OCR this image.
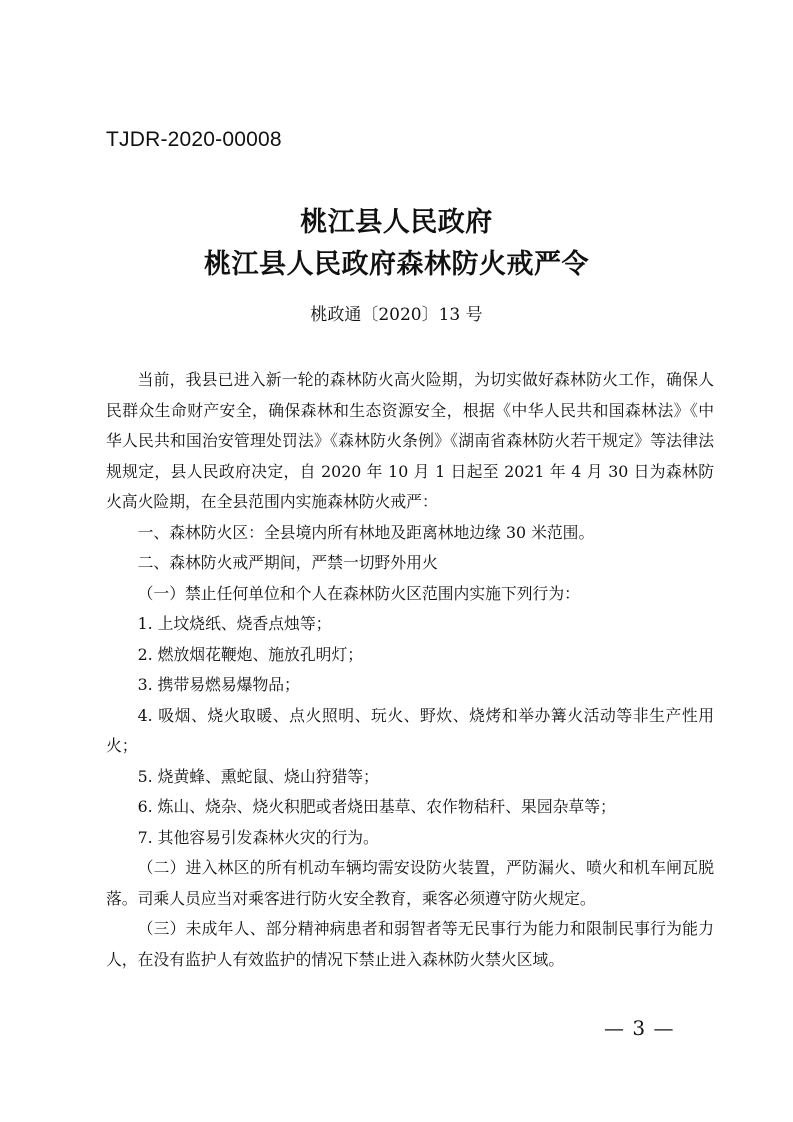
TJDR-2020-00008
桃江县人民政府
桃江县人民政府森林防火戒严令
桃政通〔2020〕13 号

当前，我县已进入新一轮的森林防火高火险期，为切实做好森林防火工作，确保人民群众生命财产安全，确保森林和生态资源安全，根据《中华人民共和国森林法》《中华人民共和国治安管理处罚法》《森林防火条例》《湖南省森林防火若干规定》等法律法规规定，县人民政府决定，自 2020 年 10 月 1 日起至 2021 年 4 月 30 日为森林防火高火险期，在全县范围内实施森林防火戒严：

一、森林防火区：全县境内所有林地及距离林地边缘 30 米范围。

二、森林防火戒严期间，严禁一切野外用火

（一）禁止任何单位和个人在森林防火区范围内实施下列行为：

1. 上坟烧纸、烧香点烛等；

2. 燃放烟花鞭炮、施放孔明灯；

3. 携带易燃易爆物品；

4. 吸烟、烧火取暖、点火照明、玩火、野炊、烧烤和举办篝火活动等非生产性用火；

5. 烧黄蜂、熏蛇鼠、烧山狩猎等；

6. 炼山、烧杂、烧火积肥或者烧田基草、农作物秸秆、果园杂草等；

7. 其他容易引发森林火灾的行为。

（二）进入林区的所有机动车辆均需安设防火装置，严防漏火、喷火和机车闸瓦脱落。司乘人员应当对乘客进行防火安全教育，乘客必须遵守防火规定。

（三）未成年人、部分精神病患者和弱智者等无民事行为能力和限制民事行为能力人，在没有监护人有效监护的情况下禁止进入森林防火禁火区域。

— 3 —
